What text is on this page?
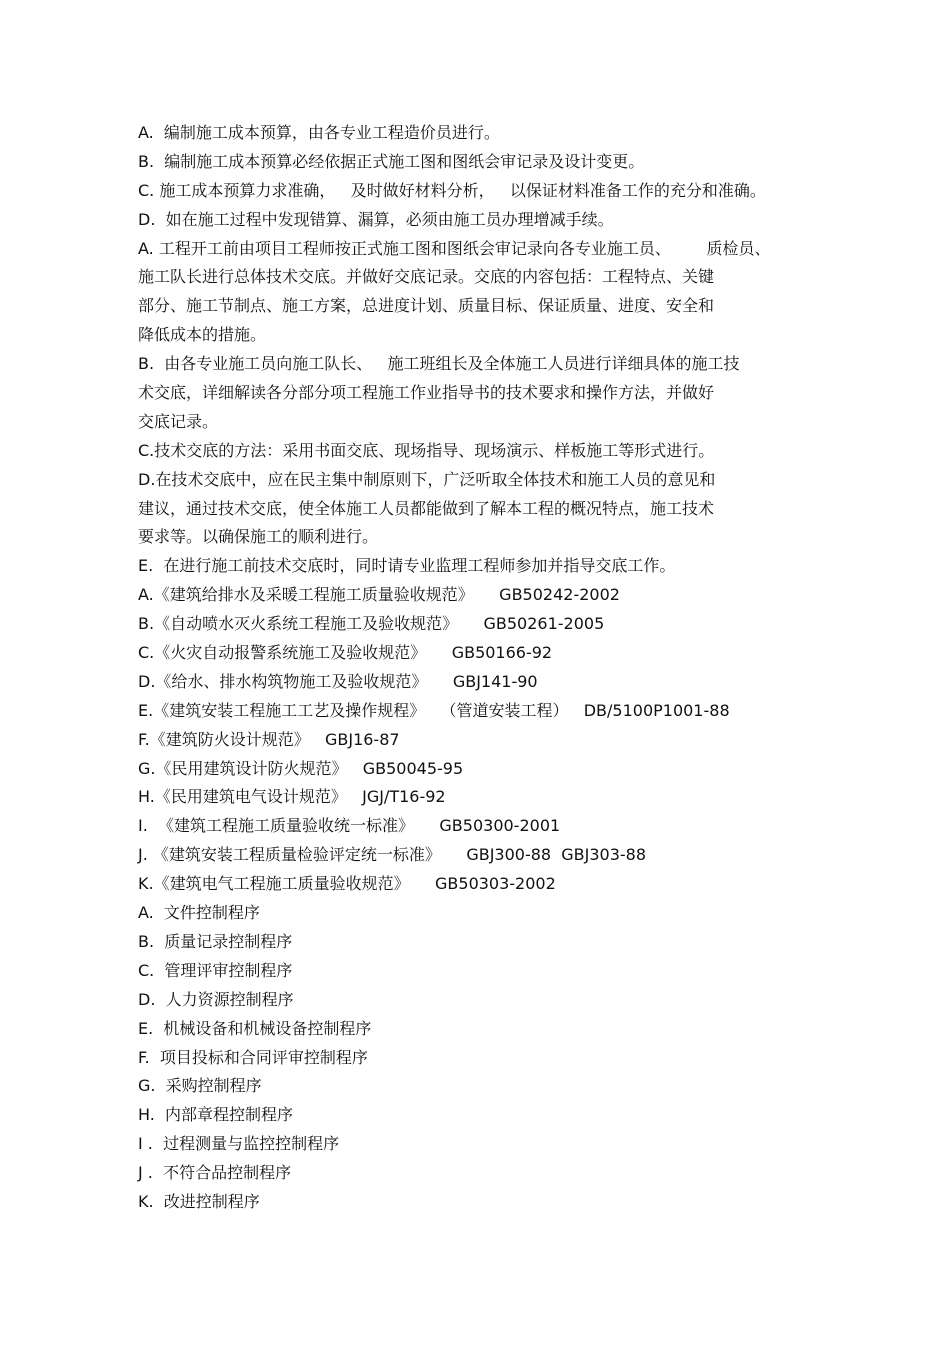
A.  编制施工成本预算，由各专业工程造价员进行。
B.  编制施工成本预算必经依据正式施工图和图纸会审记录及设计变更。
C. 施工成本预算力求准确，   及时做好材料分析，   以保证材料准备工作的充分和准确。
D.  如在施工过程中发现错算、漏算，必须由施工员办理增减手续。
A. 工程开工前由项目工程师按正式施工图和图纸会审记录向各专业施工员、       质检员、
施工队长进行总体技术交底。并做好交底记录。交底的内容包括：工程特点、关键
部分、施工节制点、施工方案，总进度计划、质量目标、保证质量、进度、安全和
降低成本的措施。
B.  由各专业施工员向施工队长、   施工班组长及全体施工人员进行详细具体的施工技
术交底，详细解读各分部分项工程施工作业指导书的技术要求和操作方法，并做好
交底记录。
C.技术交底的方法：采用书面交底、现场指导、现场演示、样板施工等形式进行。
D.在技术交底中，应在民主集中制原则下，广泛听取全体技术和施工人员的意见和
建议，通过技术交底，使全体施工人员都能做到了解本工程的概况特点，施工技术
要求等。以确保施工的顺利进行。
E.  在进行施工前技术交底时，同时请专业监理工程师参加并指导交底工作。
A.《建筑给排水及采暖工程施工质量验收规范》     GB50242-2002
B.《自动喷水灭火系统工程施工及验收规范》     GB50261-2005
C.《火灾自动报警系统施工及验收规范》     GB50166-92
D.《给水、排水构筑物施工及验收规范》     GBJ141-90
E.《建筑安装工程施工工艺及操作规程》   （管道安装工程）   DB/5100P1001-88
F.《建筑防火设计规范》   GBJ16-87
G.《民用建筑设计防火规范》   GB50045-95
H.《民用建筑电气设计规范》   JGJ/T16-92
I.  《建筑工程施工质量验收统一标准》     GB50300-2001
J. 《建筑安装工程质量检验评定统一标准》     GBJ300-88  GBJ303-88
K.《建筑电气工程施工质量验收规范》     GB50303-2002
A.  文件控制程序
B.  质量记录控制程序
C.  管理评审控制程序
D.  人力资源控制程序
E.  机械设备和机械设备控制程序
F.  项目投标和合同评审控制程序
G.  采购控制程序
H.  内部章程控制程序
I .  过程测量与监控控制程序
J .  不符合品控制程序
K.  改进控制程序
